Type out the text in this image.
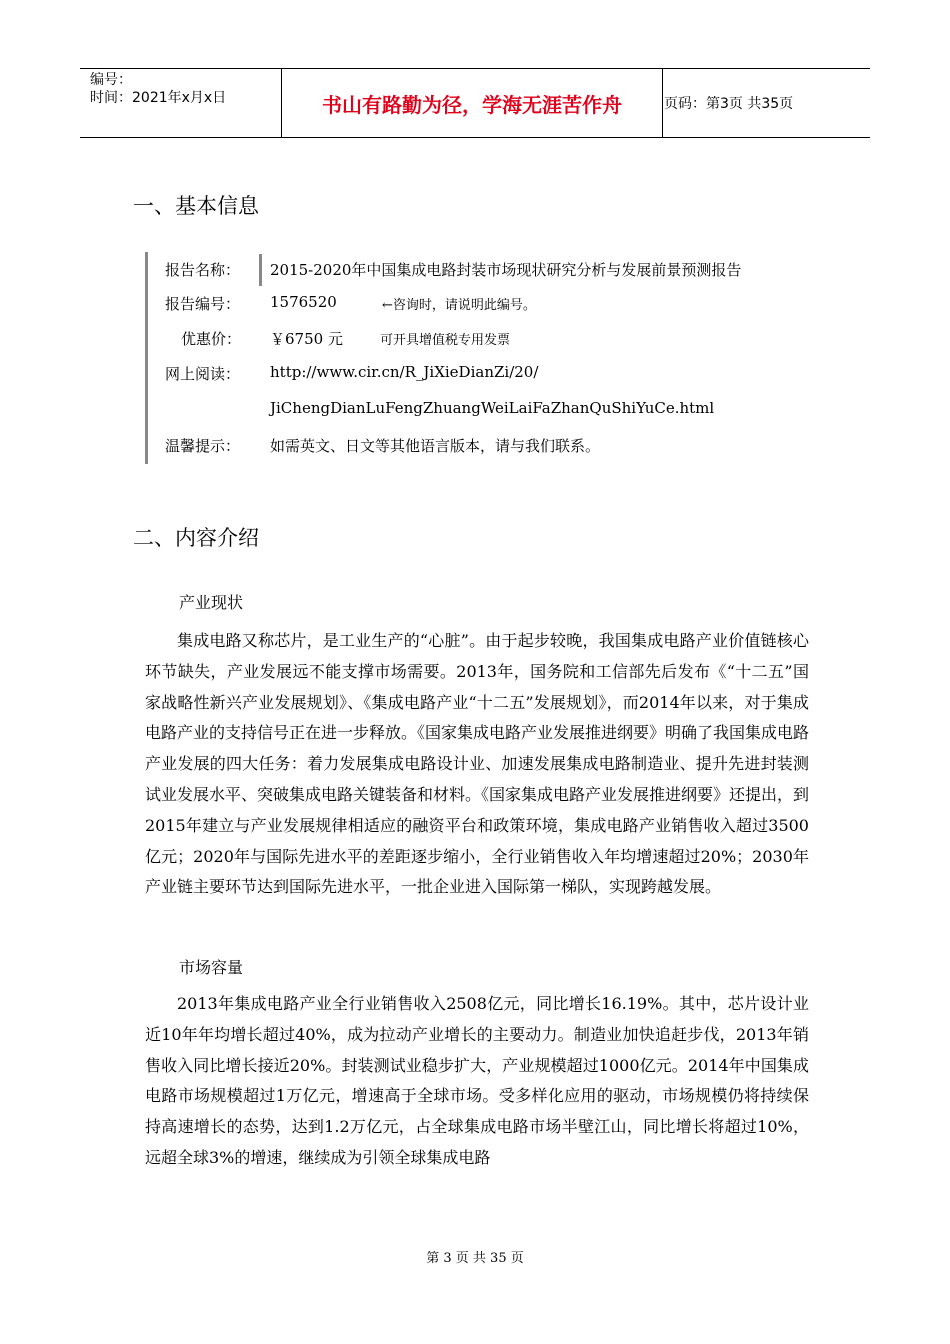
编号：
时间：2021年x月x日	书山有路勤为径，学海无涯苦作舟	页码：第3页 共35页
一、基本信息
报告名称： 2015-2020年中国集成电路封装市场现状研究分析与发展前景预测报告
报告编号： 1576520	←咨询时，请说明此编号。
优惠价： ￥6750 元	可开具增值税专用发票
网上阅读： http://www.cir.cn/R_JiXieDianZi/20/
JiChengDianLuFengZhuangWeiLaiFaZhanQuShiYuCe.html
温馨提示： 如需英文、日文等其他语言版本，请与我们联系。
二、内容介绍
产业现状
集成电路又称芯片，是工业生产的“心脏”。由于起步较晚，我国集成电路产业价值链核心环节缺失，产业发展远不能支撑市场需要。2013年，国务院和工信部先后发布《“十二五”国家战略性新兴产业发展规划》、《集成电路产业“十二五”发展规划》，而2014年以来，对于集成电路产业的支持信号正在进一步释放。《国家集成电路产业发展推进纲要》明确了我国集成电路产业发展的四大任务：着力发展集成电路设计业、加速发展集成电路制造业、提升先进封装测试业发展水平、突破集成电路关键装备和材料。《国家集成电路产业发展推进纲要》还提出，到2015年建立与产业发展规律相适应的融资平台和政策环境，集成电路产业销售收入超过3500亿元；2020年与国际先进水平的差距逐步缩小，全行业销售收入年均增速超过20%；2030年产业链主要环节达到国际先进水平，一批企业进入国际第一梯队，实现跨越发展。
市场容量
2013年集成电路产业全行业销售收入2508亿元，同比增长16.19%。其中，芯片设计业近10年年均增长超过40%，成为拉动产业增长的主要动力。制造业加快追赶步伐，2013年销售收入同比增长接近20%。封装测试业稳步扩大，产业规模超过1000亿元。2014年中国集成电路市场规模超过1万亿元，增速高于全球市场。受多样化应用的驱动，市场规模仍将持续保持高速增长的态势，达到1.2万亿元，占全球集成电路市场半壁江山，同比增长将超过10%，远超全球3%的增速，继续成为引领全球集成电路
第 3 页 共 35 页
